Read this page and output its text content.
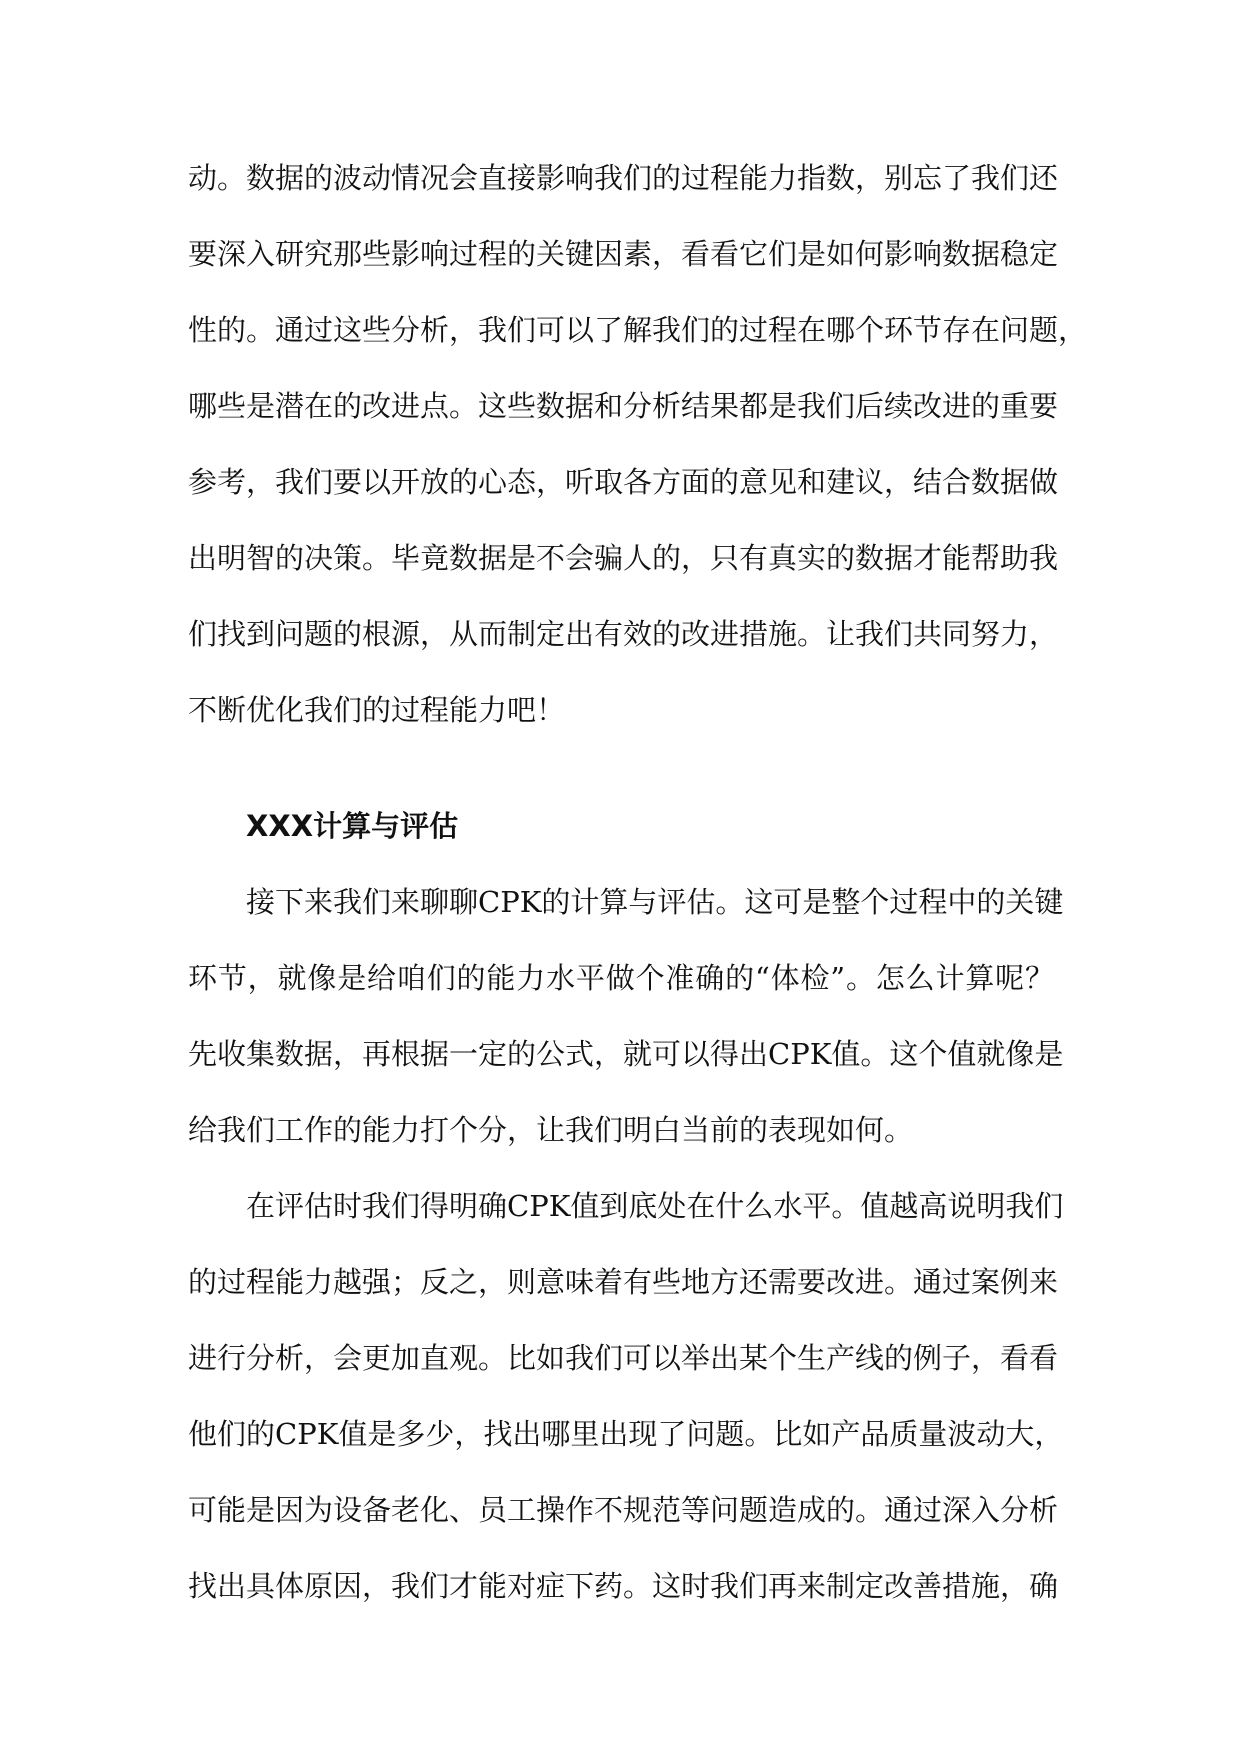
动。数据的波动情况会直接影响我们的过程能力指数，别忘了我们还
要深入研究那些影响过程的关键因素，看看它们是如何影响数据稳定
性的。通过这些分析，我们可以了解我们的过程在哪个环节存在问题，
哪些是潜在的改进点。这些数据和分析结果都是我们后续改进的重要
参考，我们要以开放的心态，听取各方面的意见和建议，结合数据做
出明智的决策。毕竟数据是不会骗人的，只有真实的数据才能帮助我
们找到问题的根源，从而制定出有效的改进措施。让我们共同努力，
不断优化我们的过程能力吧！
XXX计算与评估
接下来我们来聊聊CPK的计算与评估。这可是整个过程中的关键
环节，就像是给咱们的能力水平做个准确的“体检”。怎么计算呢？
先收集数据，再根据一定的公式，就可以得出CPK值。这个值就像是
给我们工作的能力打个分，让我们明白当前的表现如何。
在评估时我们得明确CPK值到底处在什么水平。值越高说明我们
的过程能力越强；反之，则意味着有些地方还需要改进。通过案例来
进行分析，会更加直观。比如我们可以举出某个生产线的例子，看看
他们的CPK值是多少，找出哪里出现了问题。比如产品质量波动大，
可能是因为设备老化、员工操作不规范等问题造成的。通过深入分析
找出具体原因，我们才能对症下药。这时我们再来制定改善措施，确
